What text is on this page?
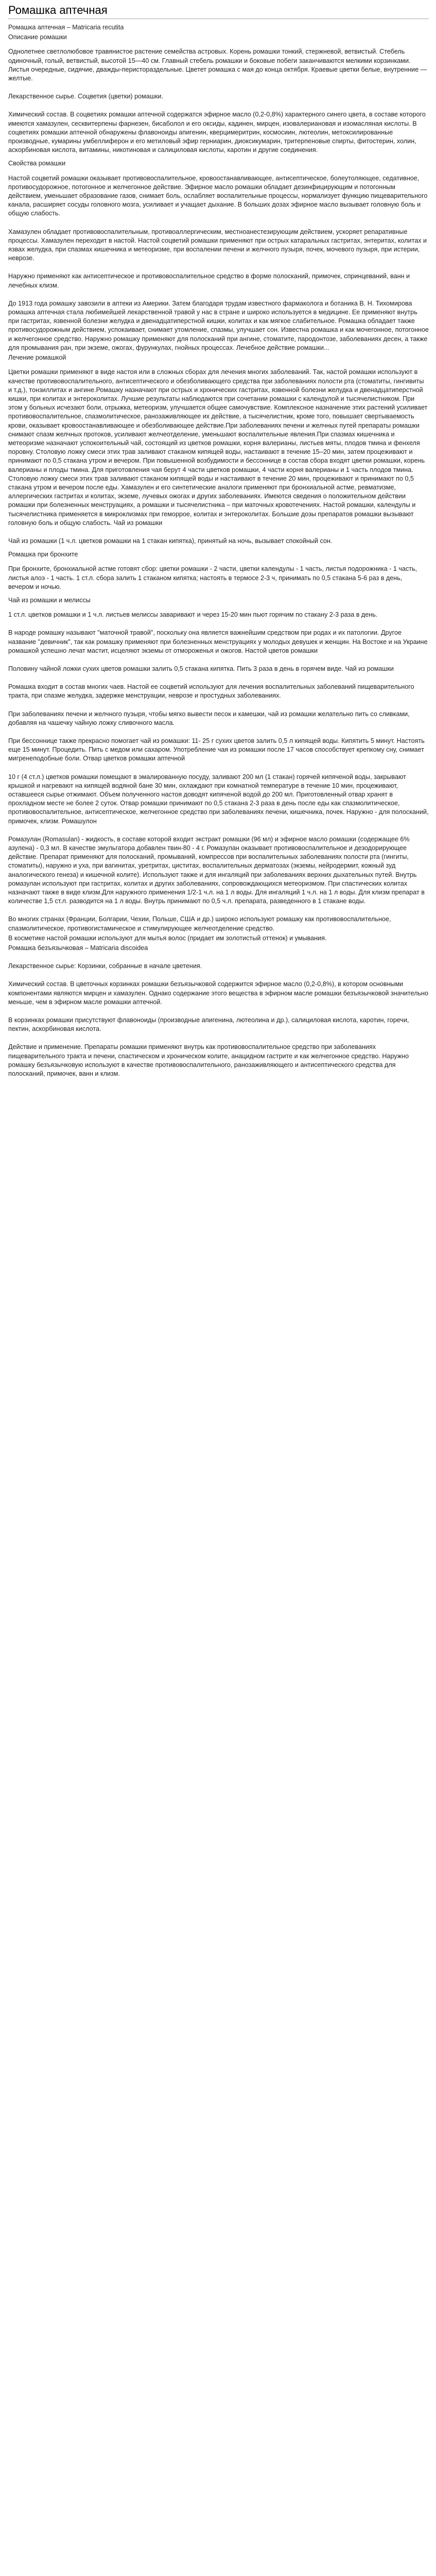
Ромашка аптечная
Ромашка аптечная – Matricaria recutita
Описание ромашки
Однолетнее светлолюбовое травянистое растение семейства астровых. Корень ромашки тонкий, стержневой, ветвистый. Стебель одиночный, голый, ветвистый, высотой 15—40 см. Главный стебель ромашки и боковые побеги заканчиваются мелкими корзинками. Листья очередные, сидячие, дважды-перистораздельные. Цветет ромашка с мая до конца октября. Краевые цветки белые, внутренние — желтые.
Лекарственное сырье. Соцветия (цветки) ромашки.
Химический состав. В соцветиях ромашки аптечной содержатся эфирное масло (0,2-0,8%) характерного синего цвета, в составе которого имеются хамазулен, сесквитерпены фарнезен, бисаболол и его оксиды, кадинен, мирцен, изовалериановая и изомасляная кислоты. В соцветиях ромашки аптечной обнаружены флавоноиды апигенин, кверцимеритрин, космосиин, лютеолин, метоксилированные производные, кумарины умбеллиферон и его метиловый эфир герниарин, диоксикумарин, тритерпеновые спирты, фитостерин, холин, аскорбиновая кислота, витамины, никотиновая и салициловая кислоты, каротин и другие соединения.
Свойства ромашки
Настой соцветий ромашки оказывает противовоспалительное, кровоостанавливающее, антисептическое, болеутоляющее, седативное, противосудорожное, потогонное и желчегонное действие. Эфирное масло ромашки обладает дезинфицирующим и потогонным действием, уменьшает образование газов, снимает боль, ослабляет воспалительные процессы, нормализует функцию пищеварительного канала, расширяет сосуды головного мозга, усиливает и учащает дыхание. В больших дозах эфирное масло вызывает головную боль и общую слабость.
Хамазулен обладает противовоспалительным, противоаллергическим, местноанестезирующим действием, ускоряет репаративные процессы. Хамазулен переходит в настой. Настой соцветий ромашки применяют при острых катаральных гастритах, энтеритах, колитах и язвах желудка, при спазмах кишечника и метеоризме, при воспалении печени и желчного пузыря, почек, мочевого пузыря, при истерии, неврозе.
Наружно применяют как антисептическое и противовоспалительное средство в форме полосканий, примочек, спринцеваний, ванн и лечебных клизм.
До 1913 года ромашку завозили в аптеки из Америки. Затем благодаря трудам известного фармаколога и ботаника В. Н. Тихомирова ромашка аптечная стала любимейшей лекарственной травой у нас в стране и широко используется в медицине. Ее применяют внутрь при гастритах, язвенной болезни желудка и двенадцатиперстной кишки, колитах и как мягкое слабительное. Ромашка обладает также противосудорожным действием, успокаивает, снимает утомление, спазмы, улучшает сон. Известна ромашка и как мочегонное, потогонное и желчегонное средство. Наружно ромашку применяют для полосканий при ангине, стоматите, пародонтозе, заболеваниях десен, а также для промывания ран, при экземе, ожогах, фурункулах, гнойных процессах. Лечебное действие ромашки...
Лечение ромашкой
Цветки ромашки применяют в виде настоя или в сложных сборах для лечения многих заболеваний. Так, настой ромашки используют в качестве противовоспалительного, антисептического и обезболивающего средства при заболеваниях полости рта (стоматиты, гингивиты и т.д.), тонзиллитах и ангине.Ромашку назначают при острых и хронических гастритах, язвенной болезни желудка и двенадцатиперстной кишки, при колитах и энтероколитах. Лучшие результаты наблюдаются при сочетании ромашки с календулой и тысячелистником. При этом у больных исчезают боли, отрыжка, метеоризм, улучшается общее самочувствие. Комплексное назначение этих растений усиливает противовоспалительное, спазмолитическое, ранозаживляющее их действие, а тысячелистник, кроме того, повышает свертываемость крови, оказывает кровоостанавливающее и обезболивающее действие.При заболеваниях печени и желчных путей препараты ромашки снимают спазм желчных протоков, усиливают желчеотделение, уменьшают воспалительные явления.При спазмах кишечника и метеоризме назначают успокоительный чай, состоящий из цветков ромашки, корня валерианы, листьев мяты, плодов тмина и фенхеля поровну. Столовую ложку смеси этих трав заливают стаканом кипящей воды, настаивают в течение 15–20 мин, затем процеживают и принимают по 0,5 стакана утром и вечером. При повышенной возбудимости и бессоннице в состав сбора входят цветки ромашки, корень валерианы и плоды тмина. Для приготовления чая берут 4 части цветков ромашки, 4 части корня валерианы и 1 часть плодов тмина. Столовую ложку смеси этих трав заливают стаканом кипящей воды и настаивают в течение 20 мин, процеживают и принимают по 0,5 стакана утром и вечером после еды. Хамазулен и его синтетические аналоги применяют при бронхиальной астме, ревматизме, аллергических гастритах и колитах, экземе, лучевых ожогах и других заболеваниях. Имеются сведения о положительном действии ромашки при болезненных менструациях, а ромашки и тысячелистника – при маточных кровотечениях. Настой ромашки, календулы и тысячелистника применяется в микроклизмах при геморрое, колитах и энтероколитах. Большие дозы препаратов ромашки вызывают головную боль и общую слабость. Чай из ромашки
Чай из ромашки (1 ч.л. цветков ромашки на 1 стакан кипятка), принятый на ночь, вызывает спокойный сон.
Ромашка при бронхите
При бронхите, бронхиальной астме готовят сбор: цветки ромашки - 2 части, цветки календулы - 1 часть, листья подорожника - 1 часть, листья алоэ - 1 часть. 1 ст.л. сбора залить 1 стаканом кипятка; настоять в термосе 2-3 ч, принимать по 0,5 стакана 5-6 раз в день, вечером и ночью.
Чай из ромашки и мелиссы
1 ст.л. цветков ромашки и 1 ч.л. листьев мелиссы заваривают и через 15-20 мин пьют горячим по стакану 2-3 раза в день.
В народе ромашку называют "маточной травой", поскольку она является важнейшим средством при родах и их патологии. Другое название "девичник", так как ромашку применяют при болезненных менструациях у молодых девушек и женщин. На Востоке и на Украине ромашкой успешно лечат мастит, исцеляют экземы от отмороженья и ожогов. Настой цветов ромашки
Половину чайной ложки сухих цветов ромашки залить 0,5 стакана кипятка. Пить 3 раза в день в горячем виде. Чай из ромашки
Ромашка входит в состав многих чаев. Настой ее соцветий используют для лечения воспалительных заболеваний пищеварительного тракта, при спазме желудка, задержке менструации, неврозе и простудных заболеваниях.
При заболеваниях печени и желчного пузыря, чтобы мягко вывести песок и камешки, чай из ромашки желательно пить со сливками, добавляя на чашечку чайную ложку сливочного масла.
При бессоннице также прекрасно помогает чай из ромашки: 11- 25 г сухих цветов залить 0,5 л кипящей воды. Кипятить 5 минут. Настоять еще 15 минут. Процедить. Пить с медом или сахаром. Употребление чая из ромашки после 17 часов способствует крепкому сну, снимает мигренеподобные боли. Отвар цветков ромашки аптечной
10 г (4 ст.л.) цветков ромашки помещают в эмалированную посуду, заливают 200 мл (1 стакан) горячей кипяченой воды, закрывают крышкой и нагревают на кипящей водяной бане 30 мин, охлаждают при комнатной температуре в течение 10 мин, процеживают, оставшееся сырье отжимают. Объем полученного настоя доводят кипяченой водой до 200 мл. Приготовленный отвар хранят в прохладном месте не более 2 суток. Отвар ромашки принимают по 0,5 стакана 2-3 раза в день после еды как спазмолитическое, противовоспалительное, антисептическое, желчегонное средство при заболеваниях печени, кишечника, почек. Наружно - для полосканий, примочек, клизм. Ромашулон
Ромазулан (Romasulan) - жидкость, в составе которой входит экстракт ромашки (96 мл) и эфирное масло ромашки (содержащее 6% азулена) - 0,3 мл. В качестве эмульгатора добавлен твин-80 - 4 г. Ромазулан оказывает противовоспалительное и дезодорирующее действие. Препарат применяют для полосканий, промываний, компрессов при воспалительных заболеваниях полости рта (гингиты, стоматиты), наружно и уха, при вагинитах, уретритах, циститах, воспалительных дерматозах (экземы, нейродермит, кожный зуд аналогического генеза) и кишечной колите). Используют также и для ингаляций при заболеваниях верхних дыхательных путей. Внутрь ромазулан используют при гастритах, колитах и других заболеваниях, сопровождающихся метеоризмом. При спастических колитах назначают также в виде клизм.Для наружного применения 1/2-1 ч.л. на 1 л воды. Для ингаляций 1 ч.л. на 1 л воды. Для клизм препарат в количестве 1,5 ст.л. разводится на 1 л воды. Внутрь принимают по 0,5 ч.л. препарата, разведенного в 1 стакане воды.
Во многих странах (Франции, Болгарии, Чехии, Польше, США и др.) широко используют ромашку как противовоспалительное, спазмолитическое, противогистамическое и стимулирующее желчеотделение средство.
В косметике настой ромашки используют для мытья волос (придает им золотистый оттенок) и умывания.
Ромашка безъязычковая – Matricaria discoidea
Лекарственное сырье: Корзинки, собранные в начале цветения.
Химический состав. В цветочных корзинках ромашки безъязычковой содержится эфирное масло (0,2-0,8%), в котором основными компонентами являются мирцен и хамазулен. Однако содержание этого вещества в эфирном масле ромашки безъязычковой значительно меньше, чем в эфирном масле ромашки аптечной.
В корзинках ромашки присутствуют флавоноиды (производные апигенина, лютеолина и др.), салициловая кислота, каротин, горечи, пектин, аскорбиновая кислота.
Действие и применение. Препараты ромашки применяют внутрь как противовоспалительное средство при заболеваниях пищеварительного тракта и печени, спастическом и хроническом колите, анацидном гастрите и как желчегонное средство. Наружно ромашку безъязычковую используют в качестве противовоспалительного, ранозаживляющего и антисептического средства для полосканий, примочек, ванн и клизм.
